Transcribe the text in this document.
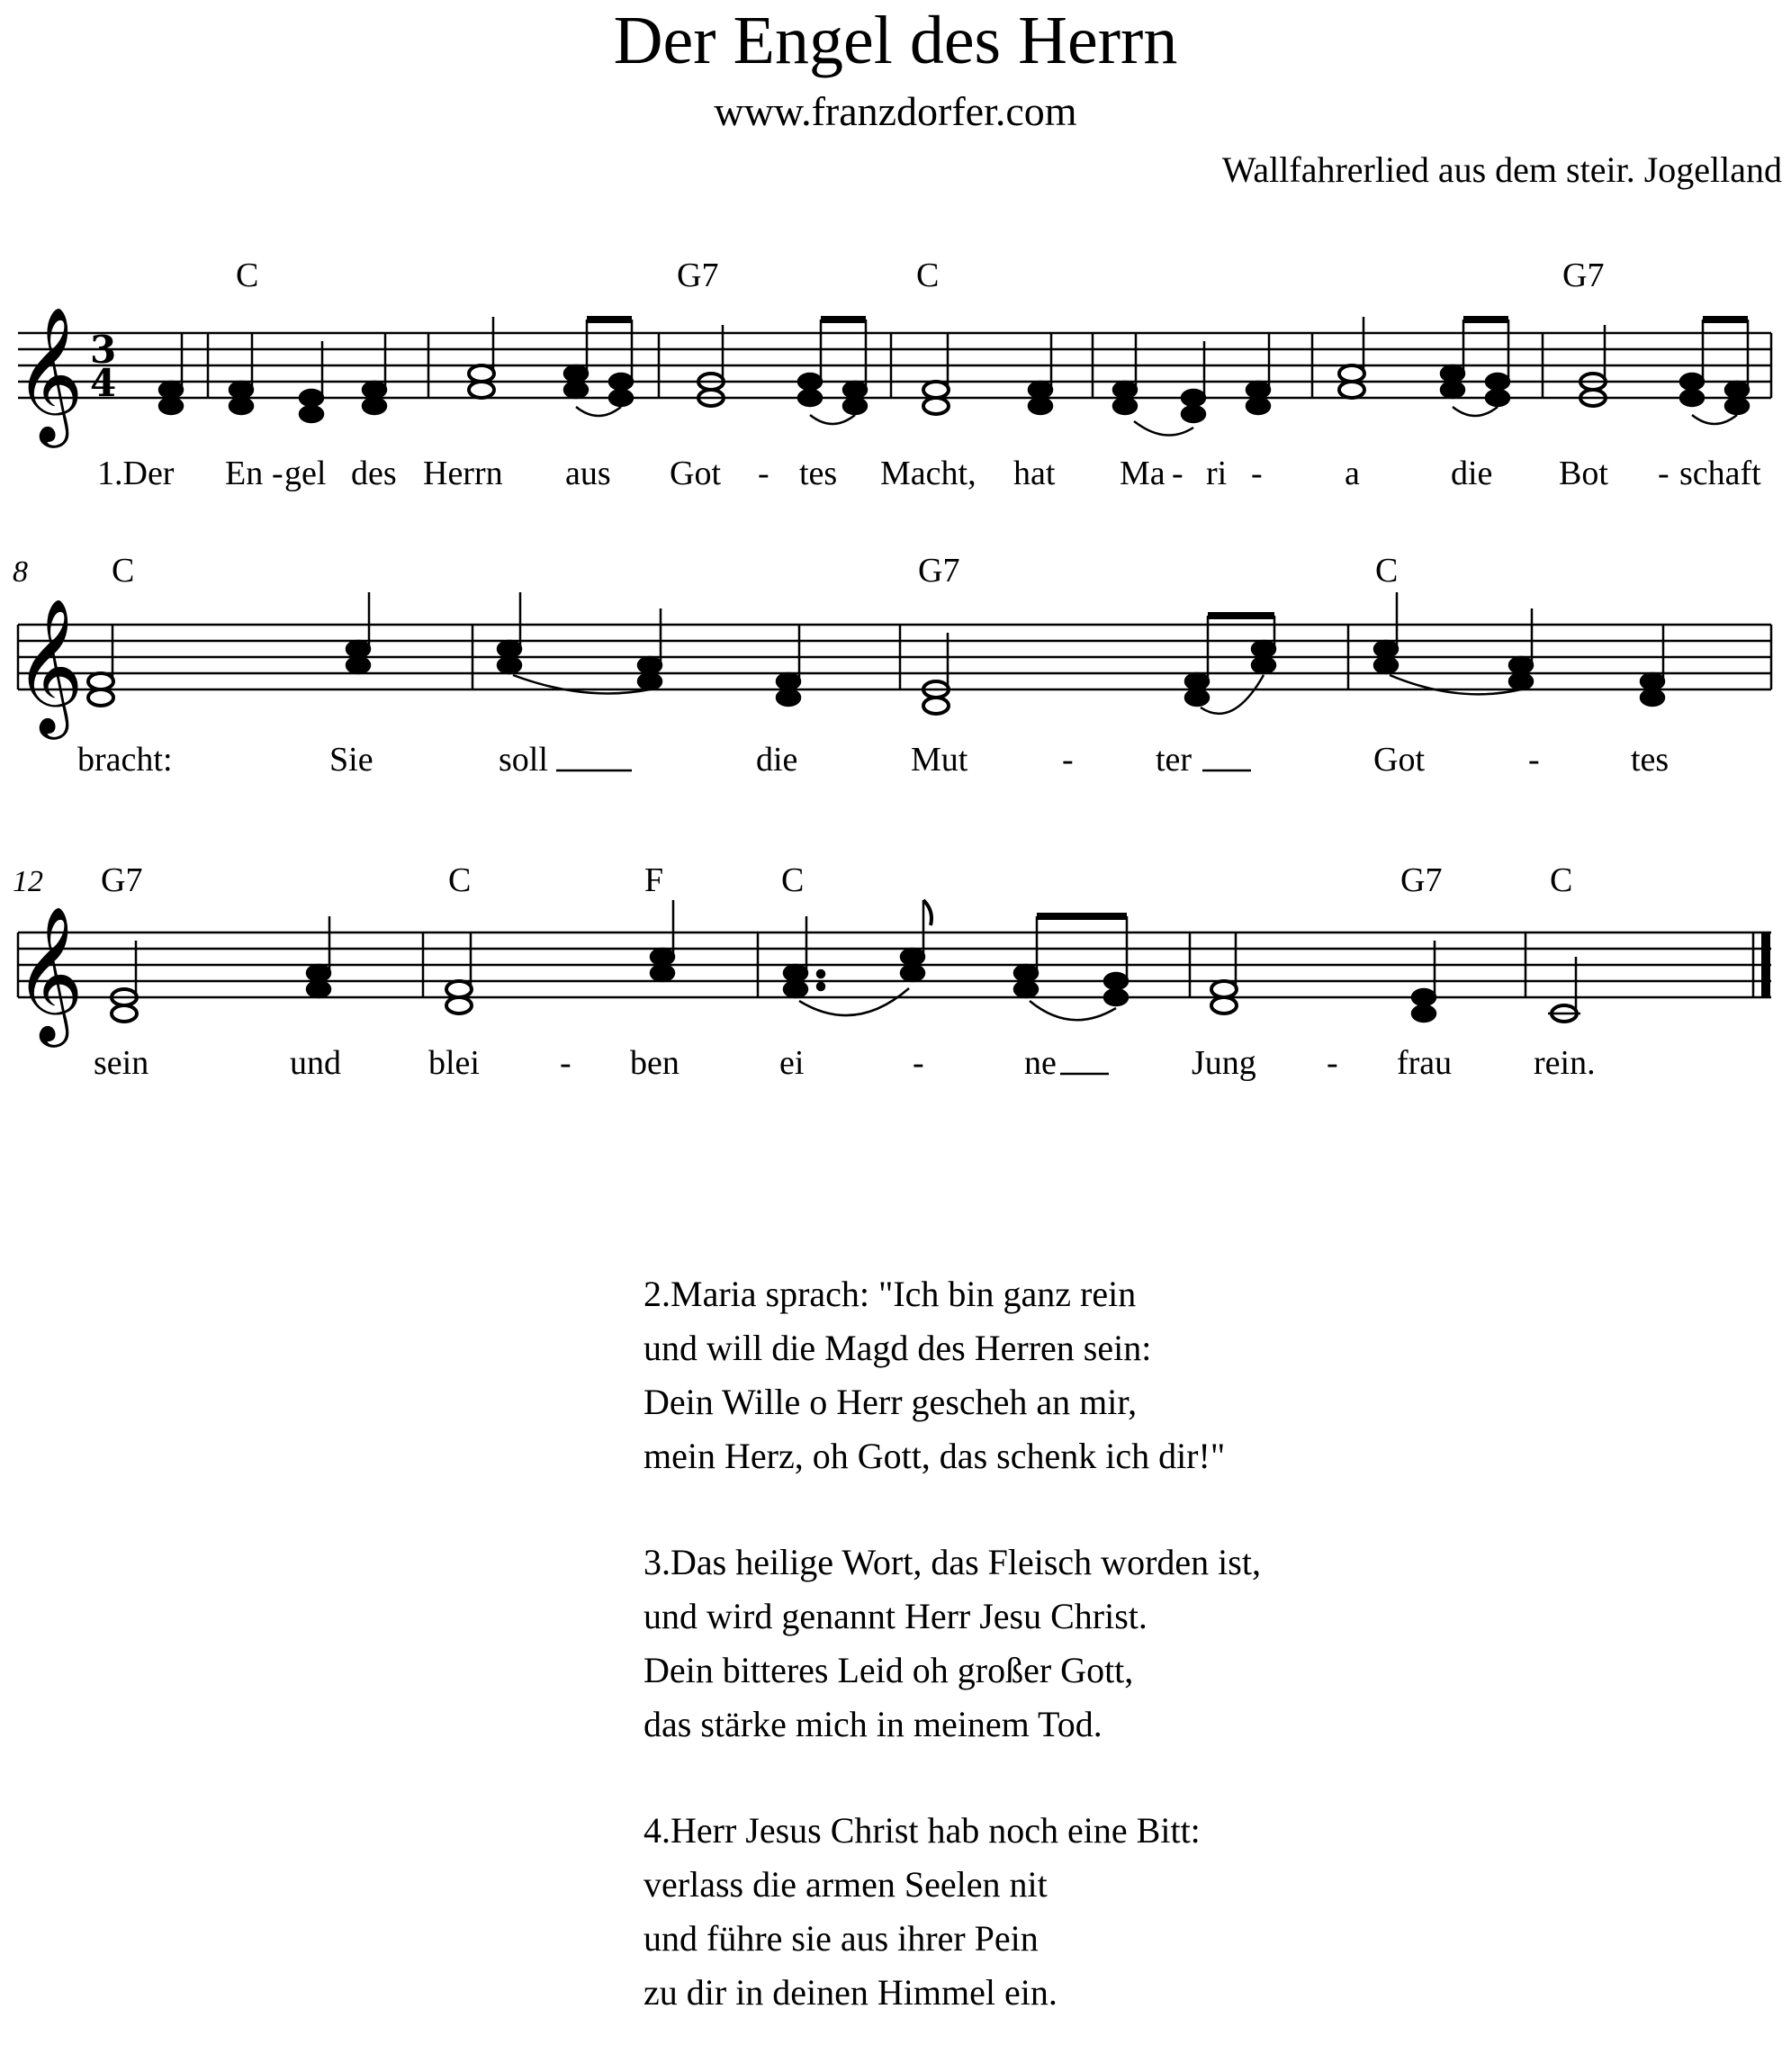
Der Engel des Herrn
www.franzdorfer.com
Wallfahrerlied aus dem steir. Jogelland
𝄞 3
4
C	G7	C	G7
1.Der En - gel des Herrn aus Got - tes Macht, hat Ma - ri - a	die Bot - schaft
8
𝄞
C	G7	C
bracht:	Sie	soll	die	Mut	- ter	Got	-	tes
12
𝄞
G7	C	F	C	G7	C
sein	und	blei - ben	ei	-	ne	Jung - frau rein.
2.Maria sprach: "Ich bin ganz rein
und will die Magd des Herren sein:
Dein Wille o Herr gescheh an mir,
mein Herz, oh Gott, das schenk ich dir!"
3.Das heilige Wort, das Fleisch worden ist,
und wird genannt Herr Jesu Christ.
Dein bitteres Leid oh großer Gott,
das stärke mich in meinem Tod.
4.Herr Jesus Christ hab noch eine Bitt:
verlass die armen Seelen nit
und führe sie aus ihrer Pein
zu dir in deinen Himmel ein.
